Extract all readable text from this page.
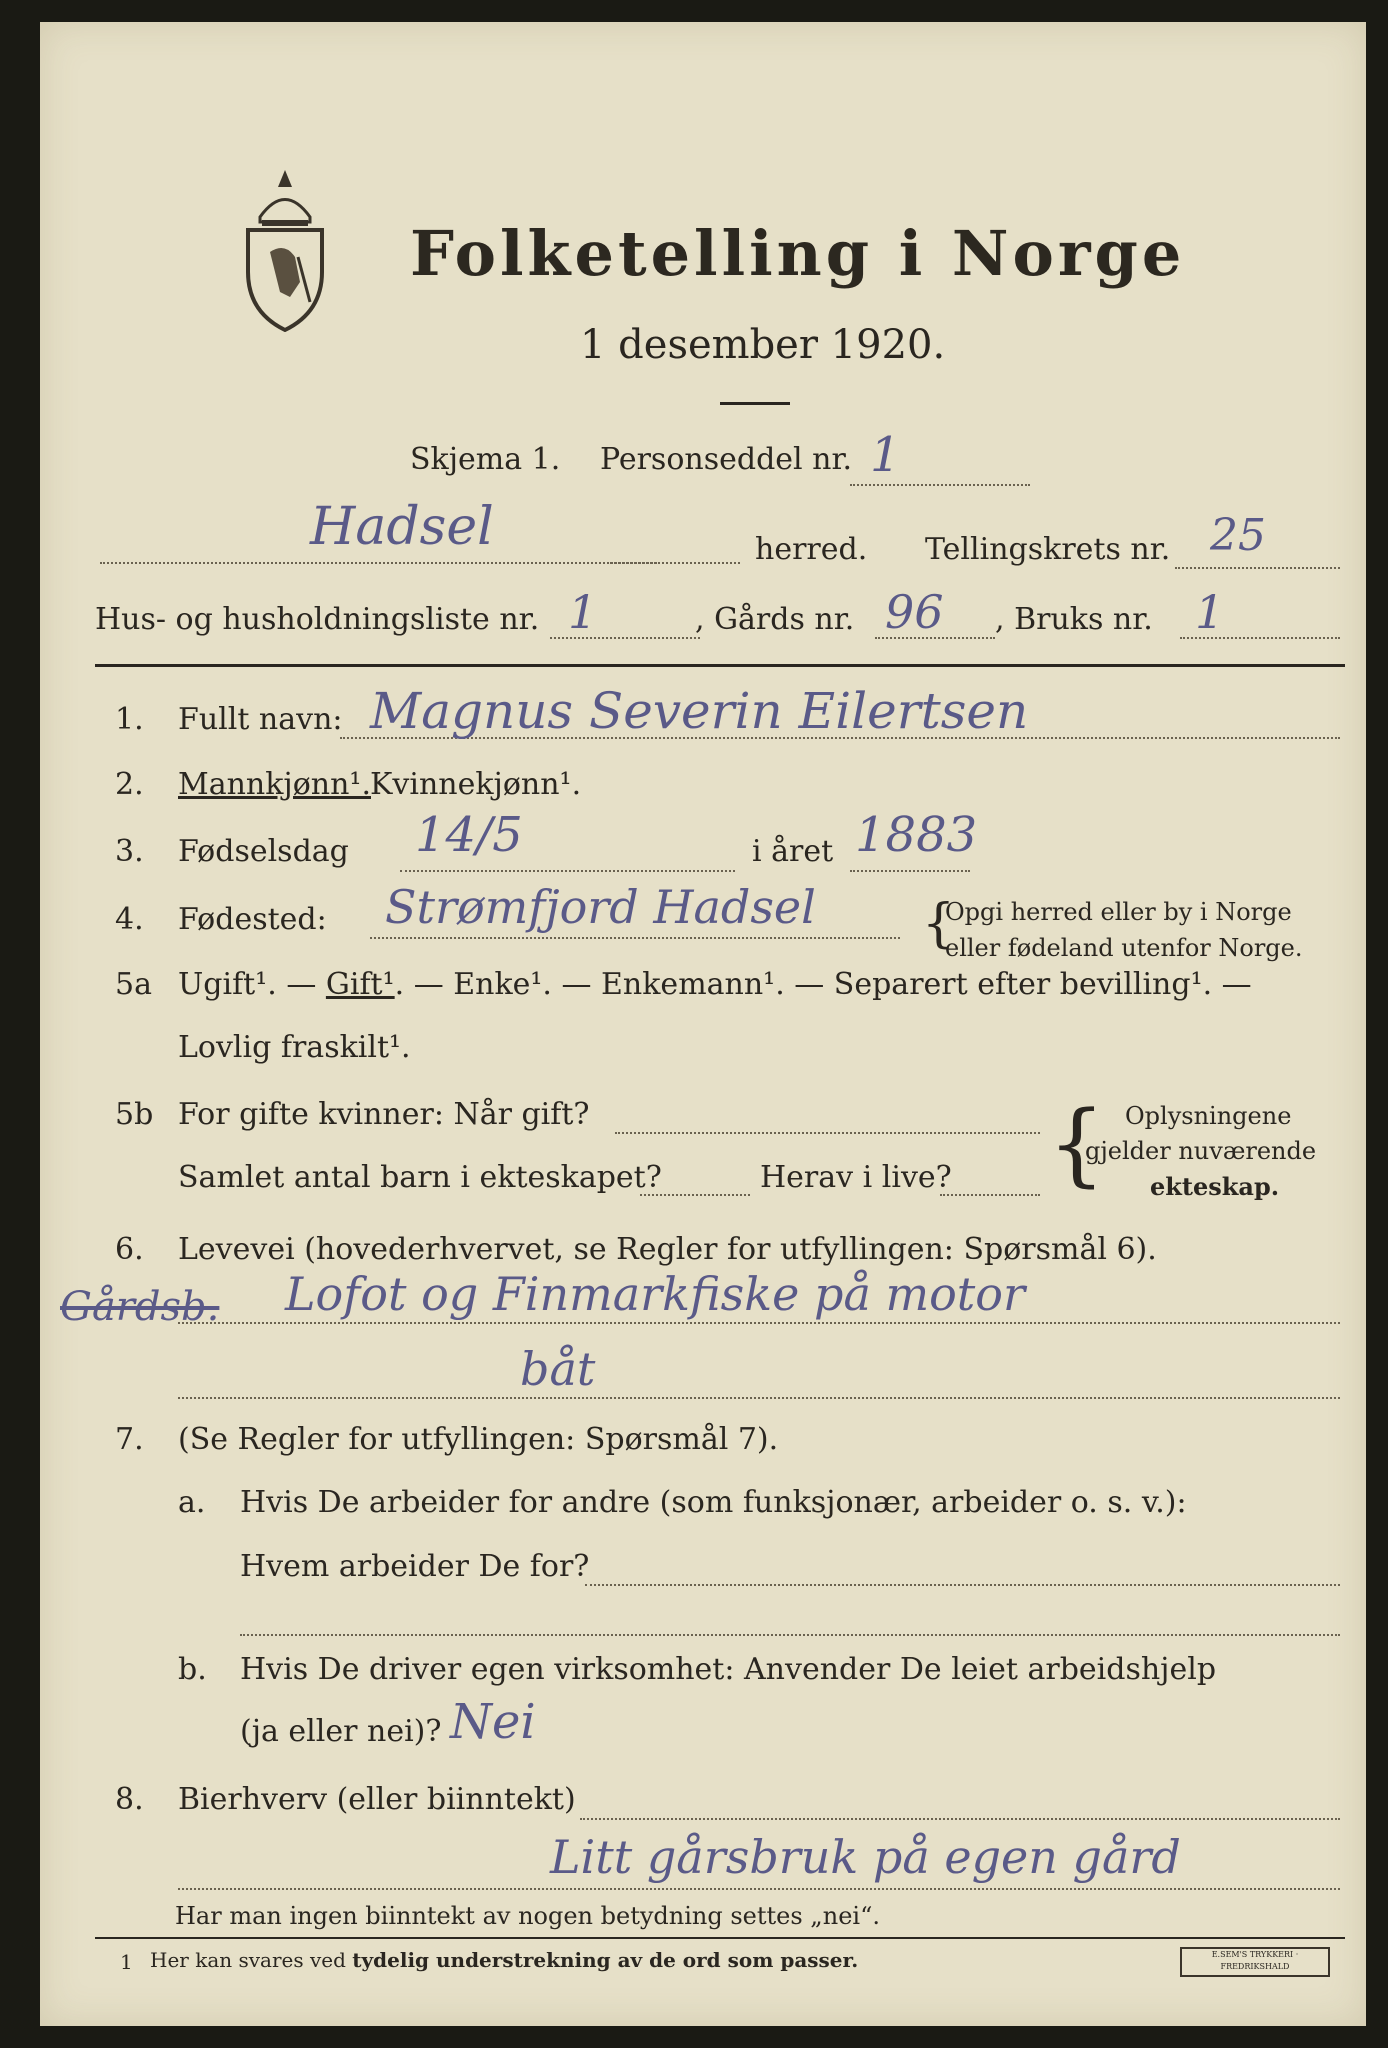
Folketelling i Norge
1 desember 1920.
Skjema 1. Personseddel nr. 1
Hadsel	herred. Tellingskrets nr. 25
Hus- og husholdningsliste nr. 1	, Gårds nr. 96 , Bruks nr. 1
1. Fullt navn: Magnus Severin Eilertsen
2. Mannkjønn¹. Kvinnekjønn¹.
3. Fødselsdag 14/5	i året 1883
4. Fødested: Strømfjord Hadsel {
Opgi herred eller by i Norge
eller fødeland utenfor Norge.
5a Ugift¹. — Gift¹. — Enke¹. — Enkemann¹. — Separert efter bevilling¹. —
Lovlig fraskilt¹.
5b For gifte kvinner: Når gift?
Samlet antal barn i ekteskapet?	Herav i live? { Oplysningene
gjelder nuværende
ekteskap.
6. Levevei (hovederhvervet, se Regler for utfyllingen: Spørsmål 6).
Gårdsb. Lofot og Finmarkfiske på motor
båt
7. (Se Regler for utfyllingen: Spørsmål 7).
a. Hvis De arbeider for andre (som funksjonær, arbeider o. s. v.):
Hvem arbeider De for?
b. Hvis De driver egen virksomhet: Anvender De leiet arbeidshjelp
(ja eller nei)? Nei
8. Bierhverv (eller biinntekt)
Litt gårsbruk på egen gård
Har man ingen biinntekt av nogen betydning settes „nei“.
1 Her kan svares ved tydelig understrekning av de ord som passer.	E.SEM'S TRYKKERI · FREDRIKSHALD
